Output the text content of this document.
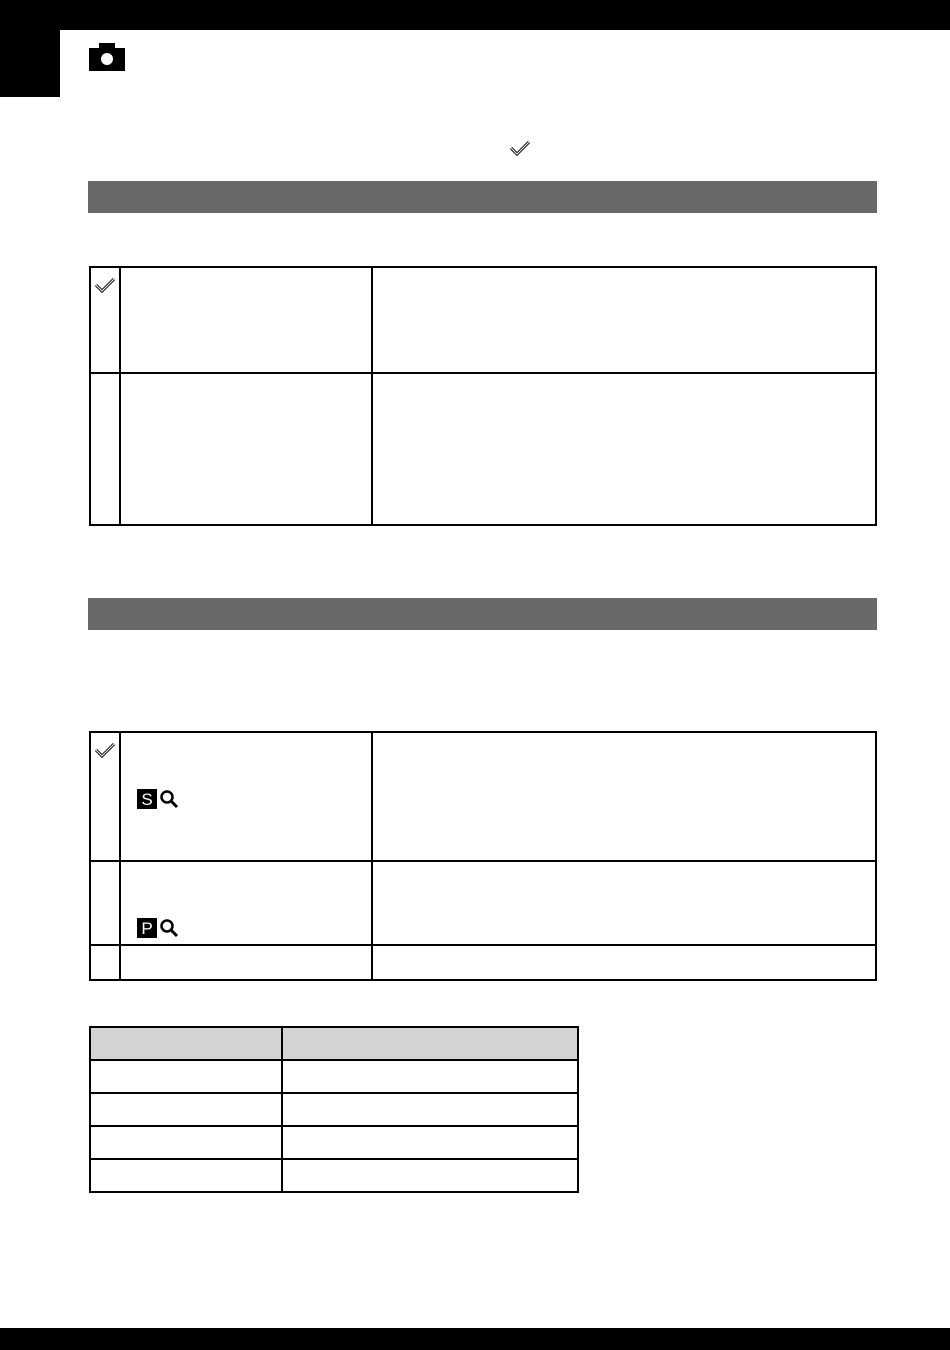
S	

P	
